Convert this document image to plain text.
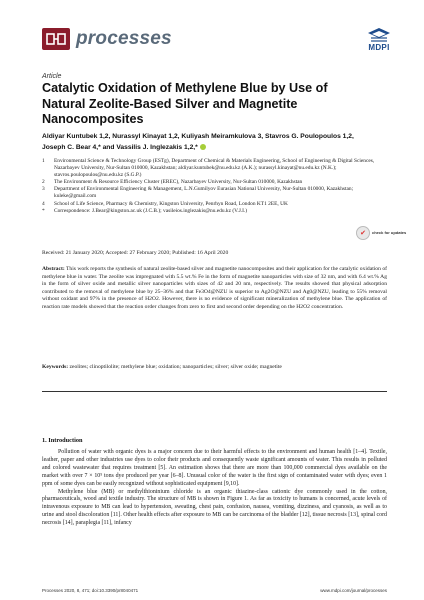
processes	MDPI
Article
Catalytic Oxidation of Methylene Blue by Use of Natural Zeolite-Based Silver and Magnetite Nanocomposites
Aldiyar Kuntubek 1,2, Nurassyl Kinayat 1,2, Kuliyash Meiramkulova 3, Stavros G. Poulopoulos 1,2,
Joseph C. Bear 4,* and Vassilis J. Inglezakis 1,2,*
1	Environmental Science & Technology Group (ESTg), Department of Chemical & Materials Engineering, School of Engineering & Digital Sciences, Nazarbayev University, Nur-Sultan 010000, Kazakhstan; aldiyar.kuntubek@nu.edu.kz (A.K.); nurassyl.kinayat@nu.edu.kz (N.K.); stavros.poulopoulos@nu.edu.kz (S.G.P.)
2	The Environment & Resource Efficiency Cluster (EREC), Nazarbayev University, Nur-Sultan 010000, Kazakhstan
3	Department of Environmental Engineering & Management, L.N.Gumilyov Eurasian National University, Nur-Sultan 010000, Kazakhstan; kuleke@gmail.com
4	School of Life Science, Pharmacy & Chemistry, Kingston University, Penrhyn Road, London KT1 2EE, UK
*	Correspondence: J.Bear@kingston.ac.uk (J.C.B.); vasileios.inglezakis@nu.edu.kz (V.J.I.)
✔	check for updates
Received: 21 January 2020; Accepted: 27 February 2020; Published: 16 April 2020

Abstract: This work reports the synthesis of natural zeolite-based silver and magnetite nanocomposites and their application for the catalytic oxidation of methylene blue in water. The zeolite was impregnated with 5.5 wt.% Fe in the form of magnetite nanoparticles with size of 32 nm, and with 6.4 wt.% Ag in the form of silver oxide and metallic silver nanoparticles with sizes of 42 and 20 nm, respectively. The results showed that physical adsorption contributed to the removal of methylene blue by 25–36% and that Fe3O4@NZU is superior to Ag2O@NZU and Ag0@NZU, leading to 55% removal without oxidant and 97% in the presence of H2O2. However, there is no evidence of significant mineralization of methylene blue. The application of reaction rate models showed that the reaction order changes from zero to first and second order depending on the H2O2 concentration.

Keywords: zeolites; clinoptilolite; methylene blue; oxidation; nanoparticles; silver; silver oxide; magnetite

1. Introduction

Pollution of water with organic dyes is a major concern due to their harmful effects to the environment and human health [1–4]. Textile, leather, paper and other industries use dyes to color their products and consequently waste significant amounts of water. This results in polluted and colored wastewater that requires treatment [5]. An estimation shows that there are more than 100,000 commercial dyes available on the market with over 7 × 10⁵ tons dye produced per year [6–8]. Unusual color of the water is the first sign of contaminated water with dyes; even 1 ppm of some dyes can be easily recognized without sophisticated equipment [9,10].

Methylene blue (MB) or methylthioninium chloride is an organic thiazine-class cationic dye commonly used in the cotton, pharmaceuticals, wood and textile industry. The structure of MB is shown in Figure 1. As far as toxicity to humans is concerned, acute levels of intravenous exposure to MB can lead to hypertension, sweating, chest pain, confusion, nausea, vomiting, dizziness, and cyanosis, as well as to urine and stool discoloration [11]. Other health effects after exposure to MB can be carcinoma of the bladder [12], tissue necrosis [13], spinal cord necrosis [14], paraplegia [11], infancy

Processes 2020, 8, 471; doi:10.3390/pr8040471	www.mdpi.com/journal/processes
